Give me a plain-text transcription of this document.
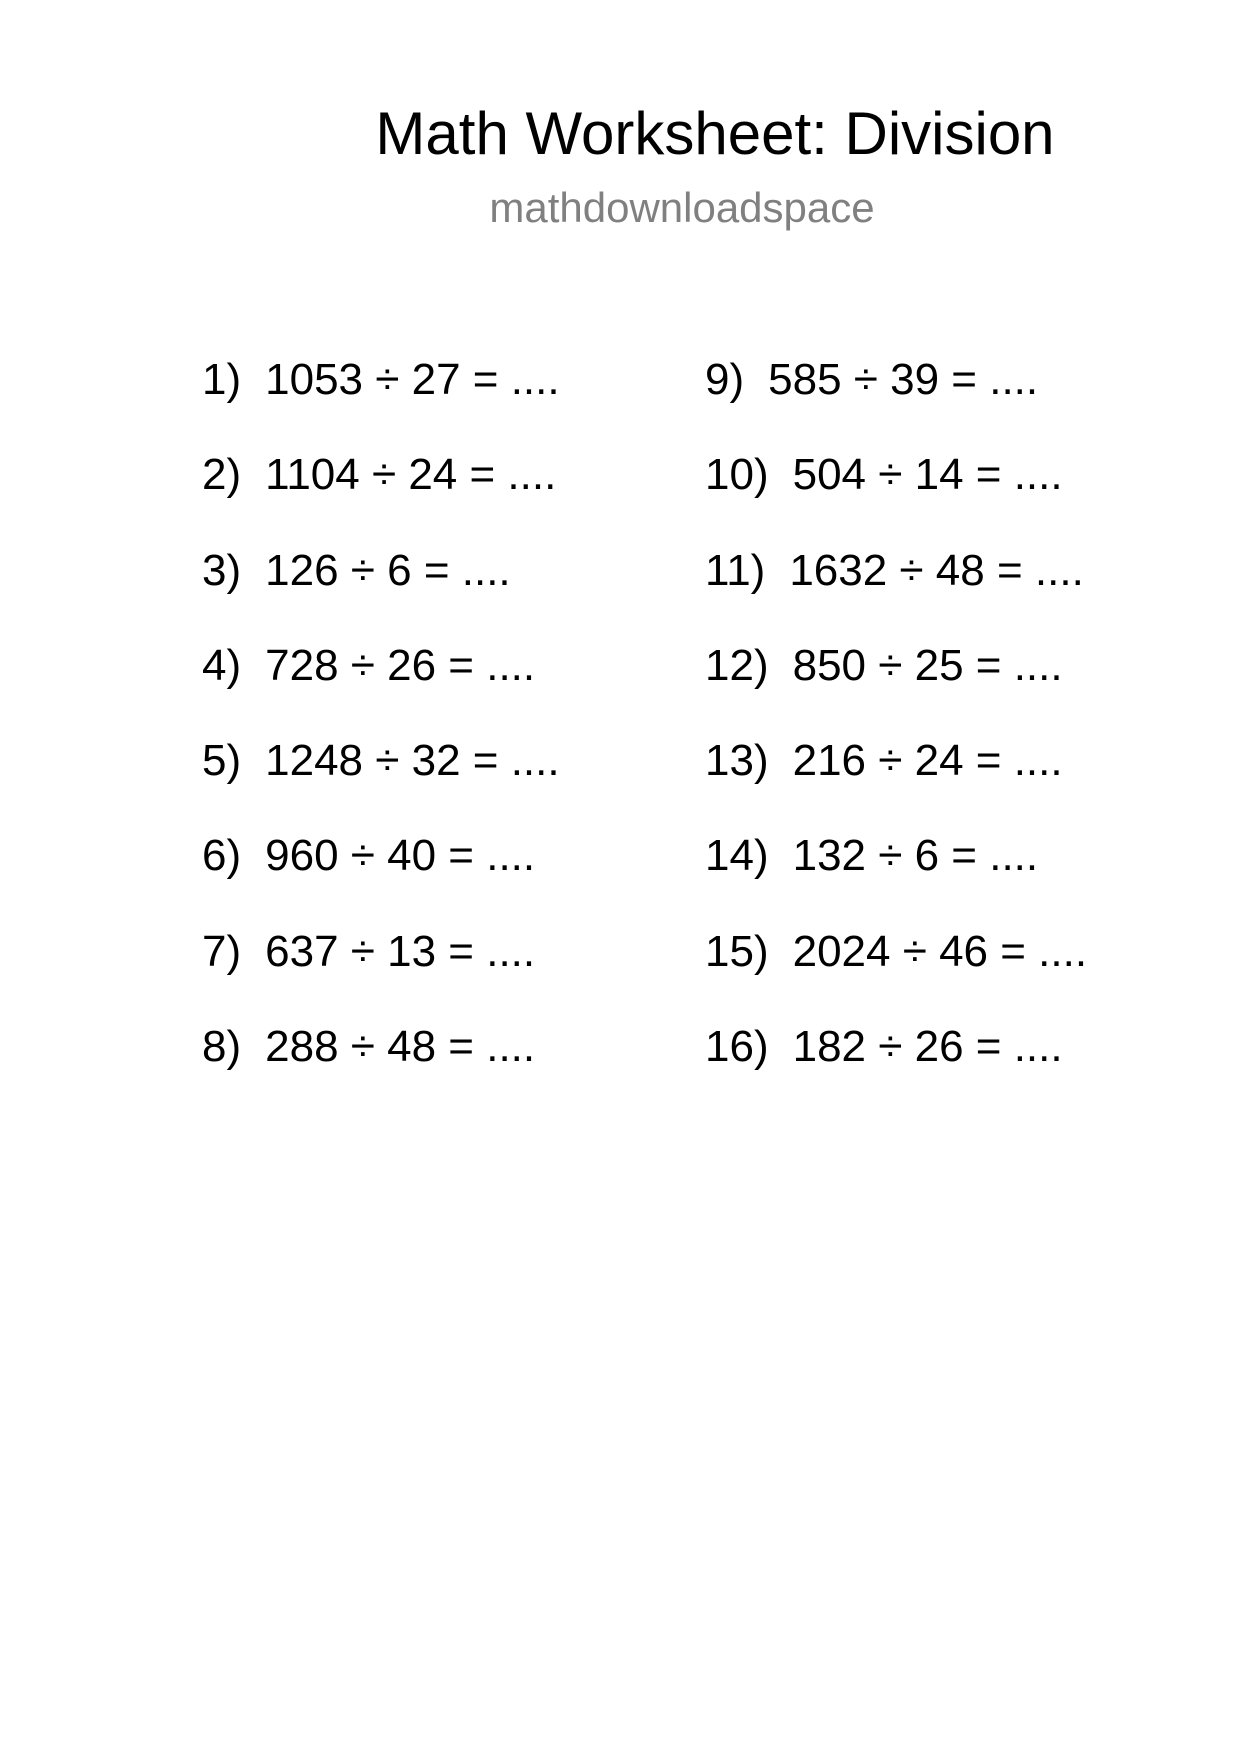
Math Worksheet: Division
mathdownloadspace
1) 1053 ÷ 27 = ....
2) 1104 ÷ 24 = ....
3) 126 ÷ 6 = ....
4) 728 ÷ 26 = ....
5) 1248 ÷ 32 = ....
6) 960 ÷ 40 = ....
7) 637 ÷ 13 = ....
8) 288 ÷ 48 = ....
9) 585 ÷ 39 = ....
10) 504 ÷ 14 = ....
11) 1632 ÷ 48 = ....
12) 850 ÷ 25 = ....
13) 216 ÷ 24 = ....
14) 132 ÷ 6 = ....
15) 2024 ÷ 46 = ....
16) 182 ÷ 26 = ....
